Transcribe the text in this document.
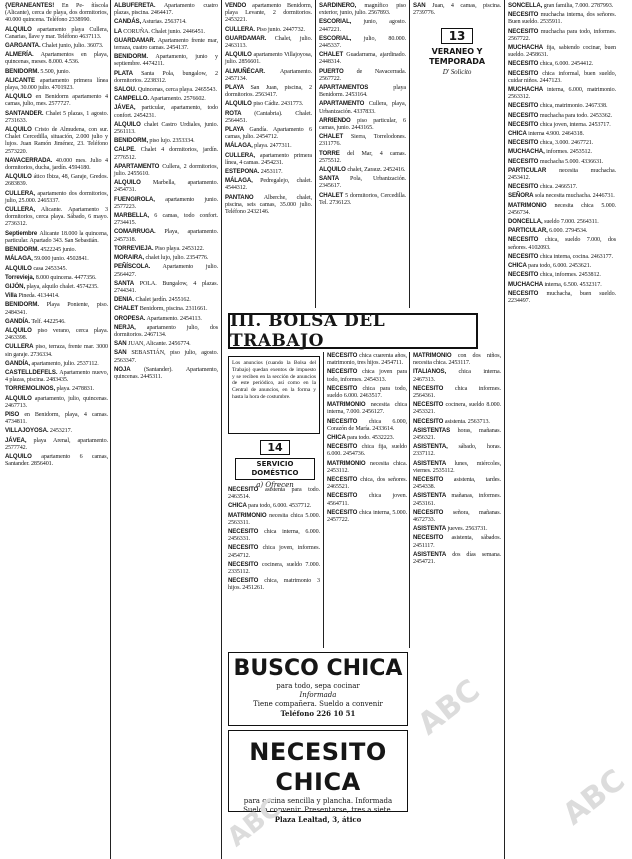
{VERANEANTES! En Pe- ñíscola (Alicante), cerca de playa, dos dormitorios, 40.000 quincena. Teléfono 2338990.

ALQUILO apartamento playa Cullera, Canarias, llave y mar. Teléfono 4637113.

GARGANTA. Chalet junio, julio. 36073.

ALMERÍA. Apartamentos en playa, quincenas, meses. 8.000. 4.536.

BENIDORM. 5.500, junio.

ALICANTE apartamento primera línea playa, 30.000 julio. 4701923.

ALQUILO en Benidorm apartamento 4 camas, julio, mes. 2577727.

SANTANDER. Chalet 5 plazas, 1 agosto. 2731633.

ALQUILO Cristo de Almudena, con sur. Chalet Cercedilla, situación, 2.000 julio y lujos. Juan Ramón Jiménez, 23. Teléfono 2573220.

NAVACERRADA. 40.000 mes. Julio 4 dormitorios, ducha, jardín. 4594180.

ALQUILO ático Ibiza, 48, Garaje, Gredos. 2683839.

CULLERA, apartamento dos dormitorios, julio, 25.000. 2465337.

CULLERA, Alicante. Apartamento 3 dormitorios, cerca playa. Sábado, 6 mayo. 2736312.

Septiembre Alicante 18.000 la quincena, particular. Apartado 343. San Sebastián.

BENIDORM. 4522245 junio.

MÁLAGA, 59.000 junio. 4502841.

ALQUILO casa 2453345.

Torrevieja, 8.000 quincena. 4477356.

GIJÓN, playa, alquilo chalet. 4574235.

Villa Pineda. 4134414.

BENIDORM. Playa Poniente, piso. 2484341.

GANDÍA. Telf. 4422546.

ALQUILO piso verano, cerca playa. 2463398.

CULLERA piso, terraza, frente mar. 3000 sin garaje. 2736334.

GANDÍA, apartamento, julio. 2537112.

CASTELLDEFELS. Apartamento nuevo, 4 plazas, piscina. 2483435.

TORREMOLINOS, playa. 2478831.

ALQUILO apartamento, julio, quincenas. 2467713.

PISO en Benidorm, playa, 4 camas. 4734811.

VILLAJOYOSA. 2453217.

JÁVEA, playa Arenal, apartamento. 2577742.

ALQUILO apartamento 6 camas, Santander. 2856401.

ALBUFERETA. Apartamento cuatro plazas, piscina. 2464417.

CANDÁS, Asturias. 2563714.

LA CORUÑA. Chalet junio. 2446451.

GUARDAMAR. Apartamento frente mar, terraza, cuatro camas. 2454137.

BENIDORM. Apartamento, junio y septiembre. 4474211.

PLATA Santa Pola, bungalow, 2 dormitorios. 2238312.

SALOU. Quincenas, cerca playa. 2465543.

CAMPELLO. Apartamento. 2576602.

JÁVEA, particular, apartamento, todo confort. 2454231.

ALQUILO chalet Castro Urdiales, junio. 2561113.

BENIDORM, piso lujo. 2353334.

CALPE. Chalet 4 dormitorios, jardín. 2776512.

APARTAMENTO Cullera, 2 dormitorios, julio. 2455610.

ALQUILO Marbella, apartamento. 2454731.

FUENGIROLA, apartamento junio. 2577223.

MARBELLA, 6 camas, todo confort. 2734415.

COMARRUGA. Playa, apartamento. 2457318.

TORREVIEJA. Piso playa. 2453122.

MORAIRA, chalet lujo, julio. 2354776.

PEÑÍSCOLA. Apartamento julio. 2564427.

SANTA POLA. Bungalow, 4 plazas. 2744341.

DENIA. Chalet jardín. 2455162.

CHALET Benidorm, piscina. 2311661.

OROPESA. Apartamento. 2454113.

NERJA, apartamento julio, dos dormitorios. 2467134.

SAN JUAN, Alicante. 2456774.

SAN SEBASTIÁN, piso julio, agosto. 2563347.

NOJA (Santander). Apartamento, quincenas. 2445311.

VENDO apartamento Benidorm, playa Levante, 2 dormitorios. 2453221.

CULLERA. Piso junio. 2447732.

GUARDAMAR. Chalet, julio. 2463113.

ALQUILO apartamento Villajoyosa, julio. 2856601.

ALMUÑÉCAR. Apartamento. 2457134.

PLAYA San Juan, piscina, 2 dormitorios. 2563417.

ALQUILO piso Cádiz. 2431773.

ROTA (Cantabria). Chalet. 2564451.

PLAYA Gandía. Apartamento 6 camas, julio. 2454712.

MÁLAGA, playa. 2477311.

CULLERA, apartamento primera línea, 4 camas. 2454231.

ESTEPONA. 2453117.

MÁLAGA, Pedregalejo, chalet. 4544312.

PANTANO Alberche, chalet, piscina, seis camas, 35.000 julio. Teléfono 2432146.

SARDINERO, magnífico piso exterior, junio, julio. 2567893.

ESCORIAL, junio, agosto. 2447221.

ESCORIAL, julio, 80.000. 2445337.

CHALET Guadarrama, ajardinado. 2448314.

PUERTO de Navacerrada. 2567722.

APARTAMENTOS playa Benidorm. 2453164.

APARTAMENTO Cullera, playa, Urbanización. 4337833.

ARRIENDO piso particular, 6 camas, junio. 2443165.

CHALET Sierra, Torrelodones. 2311776.

TORRE del Mar, 4 camas. 2575512.

ALQUILO chalet, Zarauz. 2452416.

SANTA Pola, Urbanización. 2345617.

CHALET 5 dormitorios, Cercedilla. Tel. 2736123.

SAN Juan, 4 camas, piscina. 2739776.

13
VERANEO Y TEMPORADA
D' Solicito

SONCELLA, gran familia, 7.000. 2787993.

NECESITO muchacha interna, dos señores. Buen sueldo. 2535911.

NECESITO muchacha para todo, informes. 2567722.

MUCHACHA fija, sabiendo cocinar, buen sueldo. 2458631.

NECESITO chica, 6.000. 2454412.

NECESITO chica informal, buen sueldo, cuidar niños. 2447123.

MUCHACHA interna, 6.000, matrimonio. 2563312.

NECESITO chica, matrimonio. 2467338.

NECESITO muchacha para todo. 2453362.

NECESITO chica joven, interna. 2453717.

CHICA interna 4.900. 2464318.

NECESITO chica, 3.000. 2467721.

MUCHACHA, informes. 2453512.

NECESITO muchacha 5.000. 4336631.

PARTICULAR necesita muchacha. 2453412.

NECESITO chica. 2466517.

SEÑORA sola necesita muchacha. 2446731.

MATRIMONIO necesita chica 5.000. 2456734.

DONCELLA, sueldo 7.000. 2564311.

PARTICULAR, 6.000. 2794534.

NECESITO chica, sueldo 7.000, dos señores. 4102093.

NECESITO chica interna, cocina. 2463177.

CHICA para todo, 6.000. 2453621.

NECESITO chica, informes. 2453812.

MUCHACHA interna, 6.500. 4532317.

NECESITO muchacha, buen sueldo. 2234497.

III. BOLSA DEL TRABAJO
Los anuncios (cuando la Bolsa del Trabajo) quedan exentos de impuesto y se reciben en la sección de anuncios de este periódico, así como en la Central de anuncios, en la forma y hasta la hora de costumbre.
14
SERVICIO DOMÉSTICO
a) Ofrecen

NECESITO asistenta para todo. 2463514.

CHICA para todo, 6.000. 4537712.

MATRIMONIO necesita chica 5.000. 2563311.

NECESITO chica interna, 6.000. 2456331.

NECESITO chica joven, informes. 2454712.

NECESITO cocinera, sueldo 7.000. 2335112.

NECESITO chica, matrimonio 3 hijos. 2451261.

NECESITO chica cuarenta años, matrimonio, tres hijos. 2454711.

NECESITO chica joven para todo, informes. 2454313.

NECESITO chica para todo, sueldo 6.000. 2463517.

MATRIMONIO necesita chica interna, 7.000. 2456127.

NECESITO chica 6.000, Corazón de María. 2433614.

CHICA para todo. 4532223.

NECESITO chica fija, sueldo 6.000. 2454736.

MATRIMONIO necesita chica. 2453112.

NECESITO chica, dos señores. 2465521.

NECESITO chica joven. 4564711.

NECESITO chica interna, 5.000. 2457722.

MATRIMONIO con dos niños, necesita chica. 2453117.

ITALIANOS, chica interna. 2467313.

NECESITO chica informes. 2564361.

NECESITO cocinera, sueldo 8.000. 2453321.

NECESITO asistenta. 2563713.

ASISTENTAS horas, mañanas. 2456321.

ASISTENTA, sábado, horas. 2337112.

ASISTENTA lunes, miércoles, viernes. 2535112.

NECESITO asistenta, tardes. 2454338.

ASISTENTA mañanas, informes. 2453161.

NECESITO señora, mañanas. 4672733.

ASISTENTA jueves. 2563731.

NECESITO asistenta, sábados. 2451117.

ASISTENTA dos días semana. 2454721.

BUSCO CHICA
para todo, sepa cocinar
Informada
Tiene compañera. Sueldo a convenir
Teléfono 226 10 51
NECESITO CHICA
para cocina sencilla y plancha. Informada
Sueldo convenir. Presentarse, tres a siete.
Plaza Lealtad, 3, ático
ABC
ABC
ABC
